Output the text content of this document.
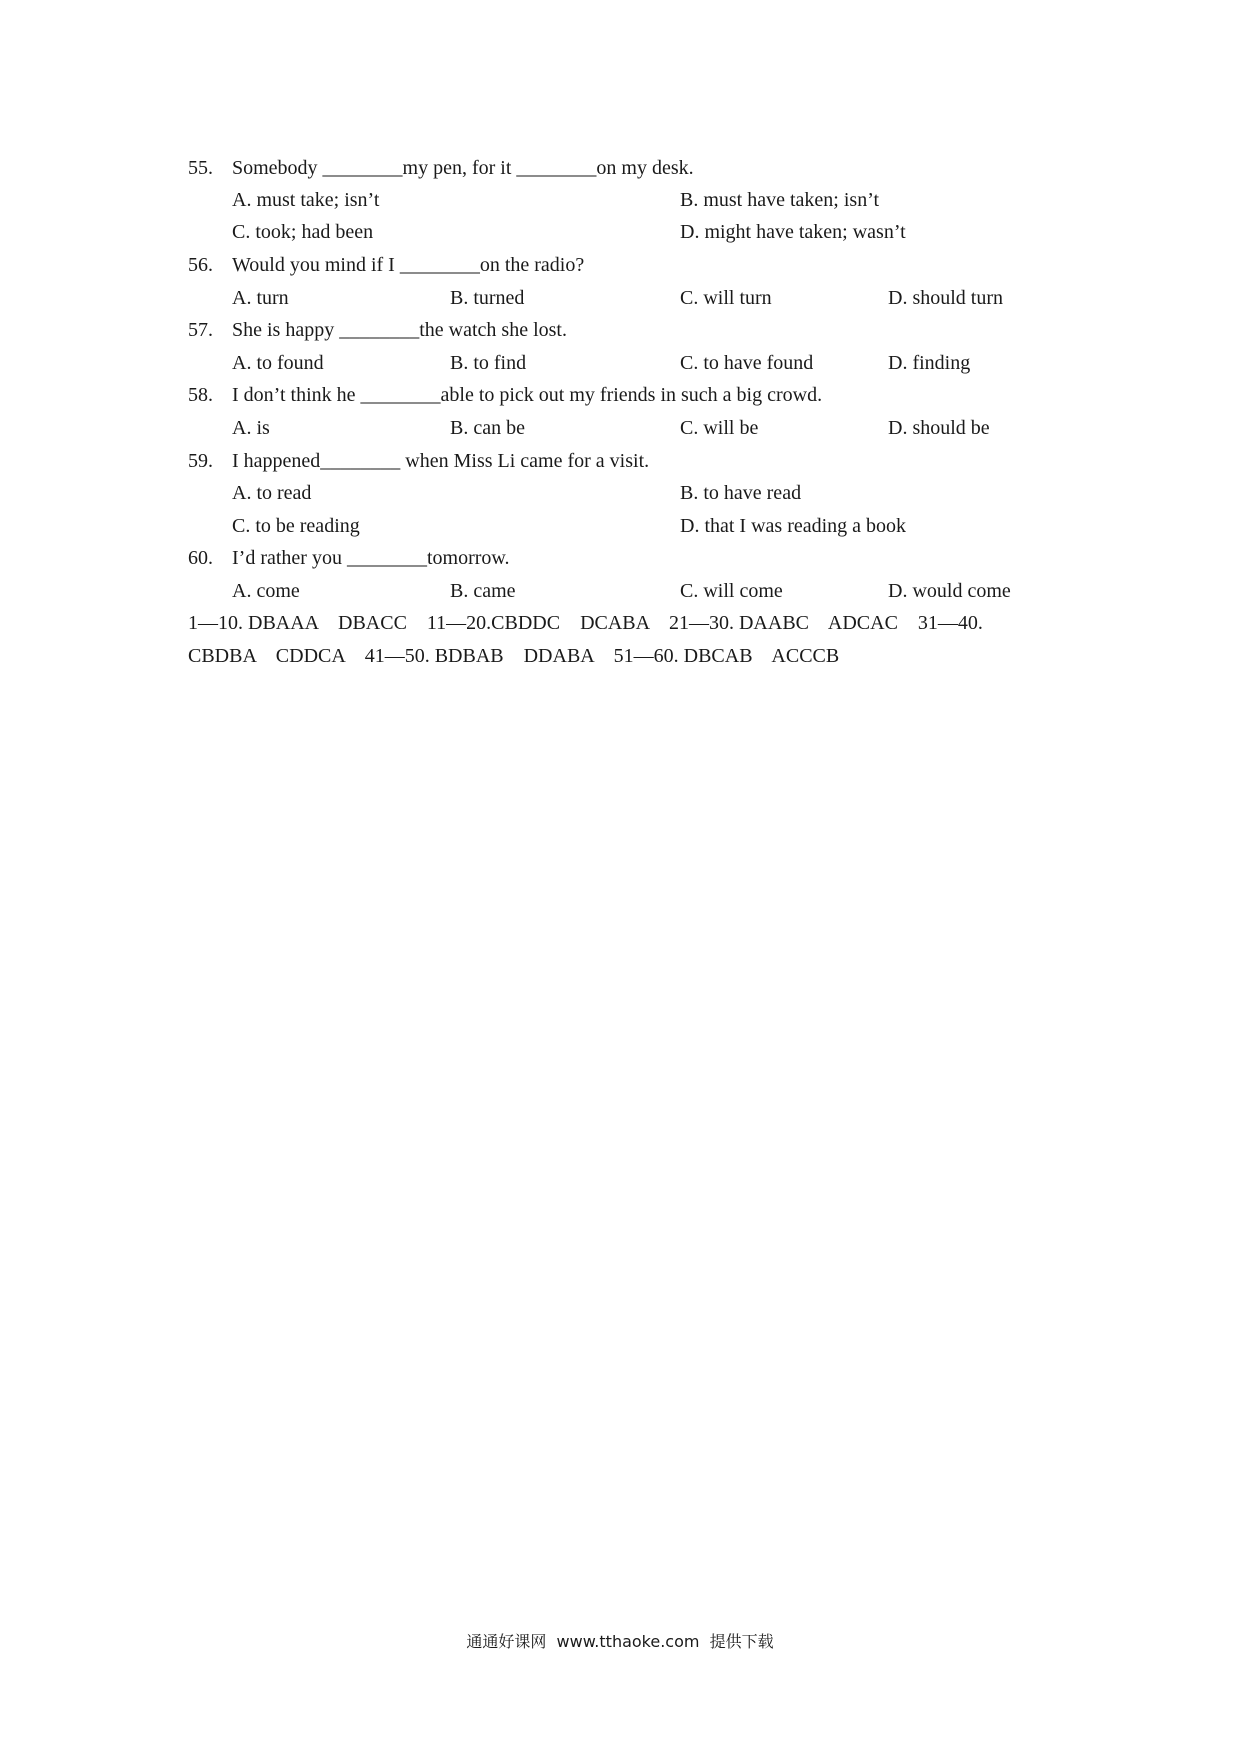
55. Somebody ________my pen, for it ________on my desk.
A. must take; isn’t	B. must have taken; isn’t
C. took; had been	D. might have taken; wasn’t
56. Would you mind if I ________on the radio?
A. turn	B. turned	C. will turn	D. should turn
57. She is happy ________the watch she lost.
A. to found	B. to find	C. to have found	D. finding
58. I don’t think he ________able to pick out my friends in such a big crowd.
A. is	B. can be	C. will be	D. should be
59. I happened________ when Miss Li came for a visit.
A. to read	B. to have read
C. to be reading	D. that I was reading a book
60. I’d rather you ________tomorrow.
A. come	B. came	C. will come	D. would come
1—10. DBAAA    DBACC    11—20.CBDDC    DCABA    21—30. DAABC    ADCAC    31—40.
CBDBA    CDDCA    41—50. BDBAB    DDABA    51—60. DBCAB    ACCCB
通通好课网  www.tthaoke.com  提供下载
